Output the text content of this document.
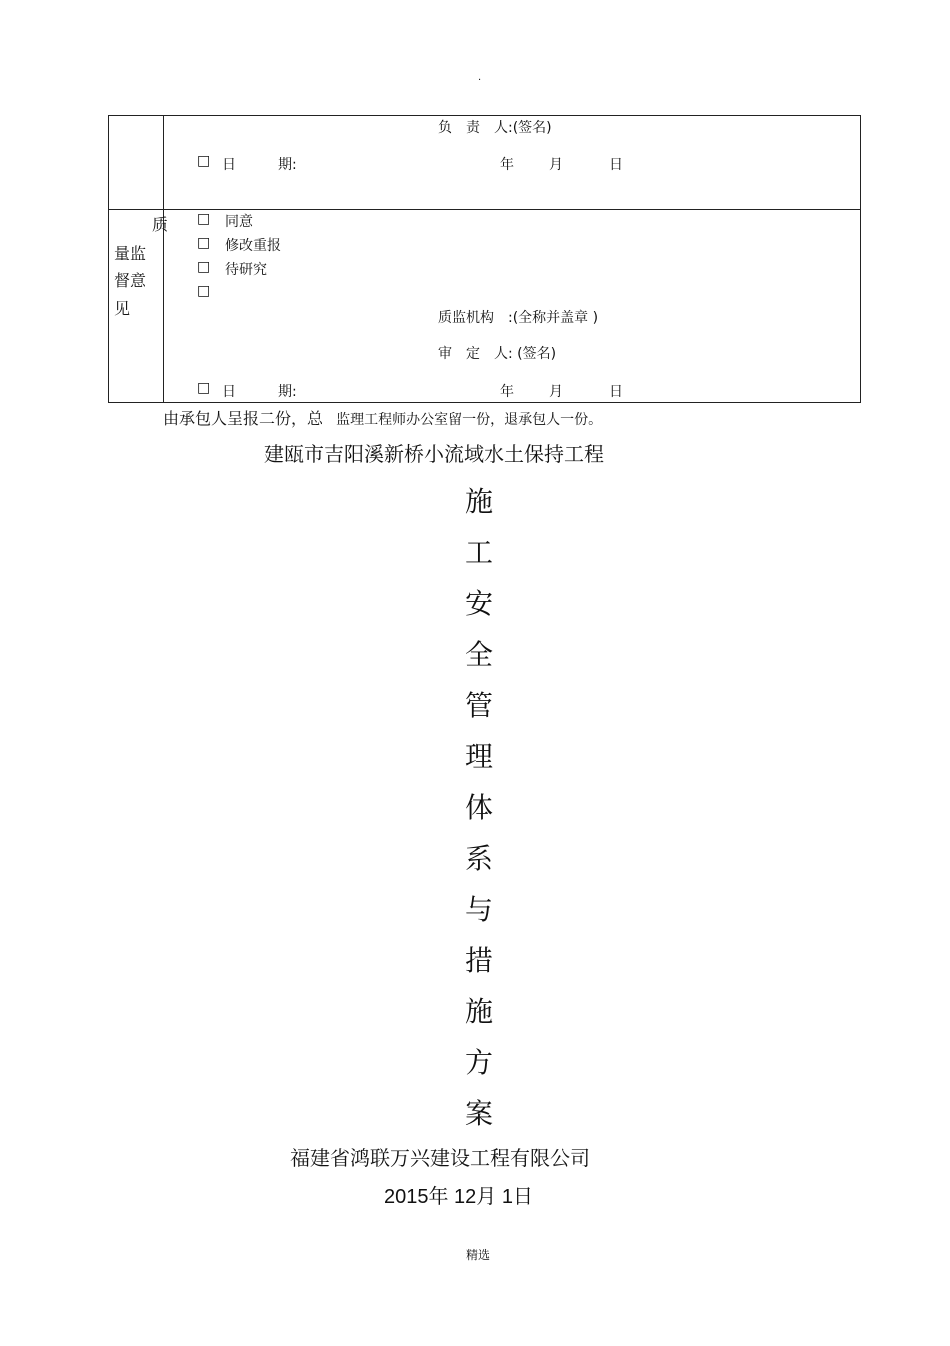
.
负　责　人:(签名)
□ 日　　　期:	年	月	日
质
量监
督意
见
□ 同意
□ 修改重报
□ 待研究
□
质监机构　:(全称并盖章 )
审　定　人: (签名)
□ 日　　　期:	年	月	日
由承包人呈报二份，总 监理工程师办公室留一份，退承包人一份。
建瓯市吉阳溪新桥小流域水土保持工程
施
工
安
全
管
理
体
系
与
措
施
方
案
福建省鸿联万兴建设工程有限公司
2015年 12月 1日
精选
